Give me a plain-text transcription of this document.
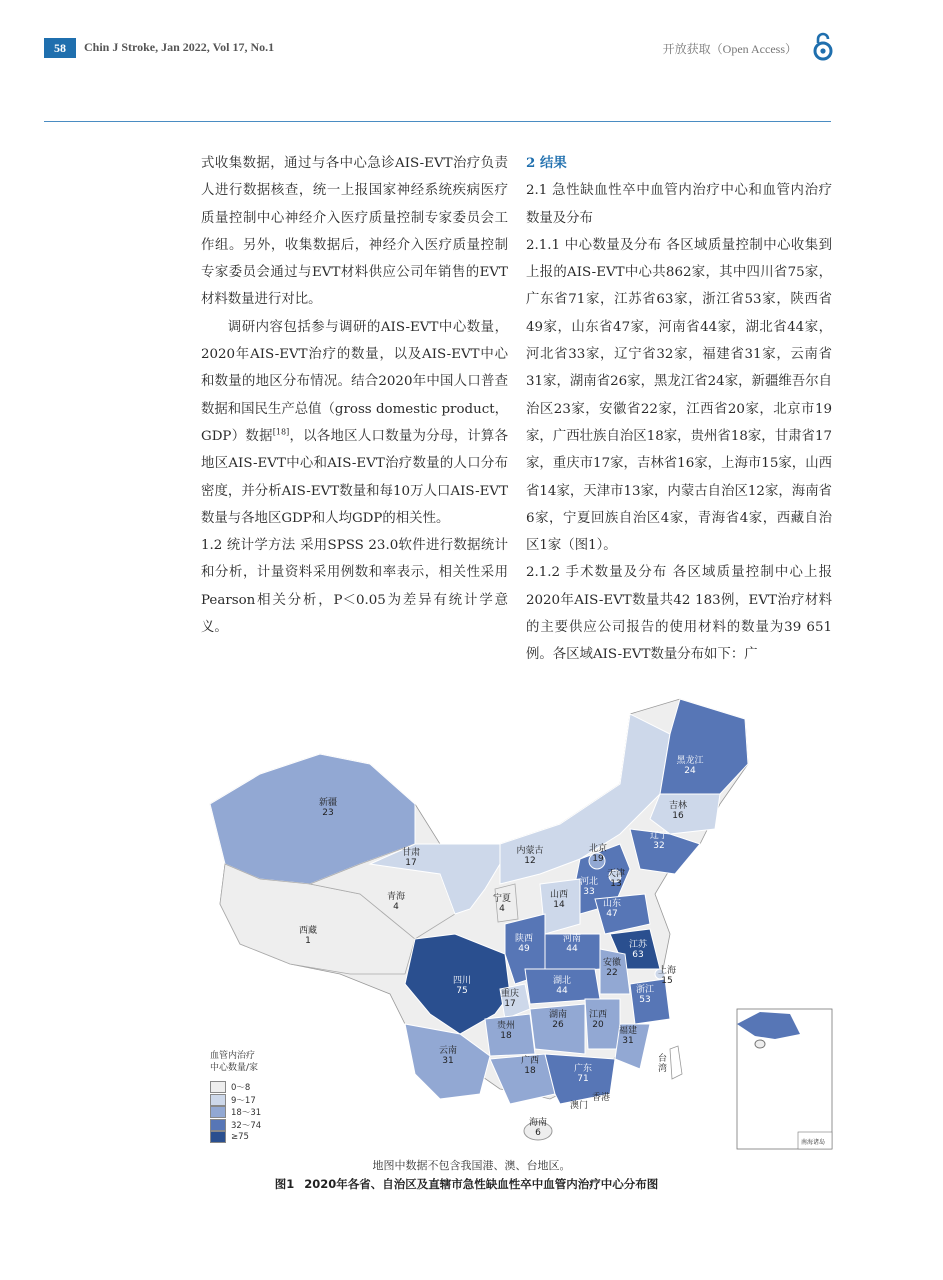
58	Chin J Stroke, Jan 2022, Vol 17, No.1	开放获取（Open Access）

式收集数据，通过与各中心急诊AIS-EVT治疗负责人进行数据核查，统一上报国家神经系统疾病医疗质量控制中心神经介入医疗质量控制专家委员会工作组。另外，收集数据后，神经介入医疗质量控制专家委员会通过与EVT材料供应公司年销售的EVT材料数量进行对比。

调研内容包括参与调研的AIS-EVT中心数量，2020年AIS-EVT治疗的数量，以及AIS-EVT中心和数量的地区分布情况。结合2020年中国人口普查数据和国民生产总值（gross domestic product，GDP）数据[18]，以各地区人口数量为分母，计算各地区AIS-EVT中心和AIS-EVT治疗数量的人口分布密度，并分析AIS-EVT数量和每10万人口AIS-EVT数量与各地区GDP和人均GDP的相关性。

1.2 统计学方法 采用SPSS 23.0软件进行数据统计和分析，计量资料采用例数和率表示，相关性采用Pearson相关分析，P＜0.05为差异有统计学意义。

2 结果

2.1 急性缺血性卒中血管内治疗中心和血管内治疗数量及分布

2.1.1 中心数量及分布 各区域质量控制中心收集到上报的AIS-EVT中心共862家，其中四川省75家，广东省71家，江苏省63家，浙江省53家，陕西省49家，山东省47家，河南省44家，湖北省44家，河北省33家，辽宁省32家，福建省31家，云南省31家，湖南省26家，黑龙江省24家，新疆维吾尔自治区23家，安徽省22家，江西省20家，北京市19家，广西壮族自治区18家，贵州省18家，甘肃省17家，重庆市17家，吉林省16家，上海市15家，山西省14家，天津市13家，内蒙古自治区12家，海南省6家，宁夏回族自治区4家，青海省4家，西藏自治区1家（图1）。

2.1.2 手术数量及分布 各区域质量控制中心上报2020年AIS-EVT数量共42 183例，EVT治疗材料的主要供应公司报告的使用材料的数量为39 651例。各区域AIS-EVT数量分布如下：广

新疆
23
西藏
1
青海
4
甘肃
17
内蒙古
12
黑龙江
24
吉林
16
辽宁
32
北京
19
天津
13
河北
33
山西
14
宁夏
4	山东
47
陕西
49
河南
44	江苏
63
安徽
22	上海
15
四川
75	重庆
17
湖北
44	浙江
53
湖南
26
江西
20
贵州
18	福建
31
云南
31	广西
18	广东
71
海南
6
血管内治疗
中心数量/家
0～8
9～17
18～31
32～74
≥75
台湾
香港
澳门
南海诸岛
地图中数据不包含我国港、澳、台地区。
图1 2020年各省、自治区及直辖市急性缺血性卒中血管内治疗中心分布图
